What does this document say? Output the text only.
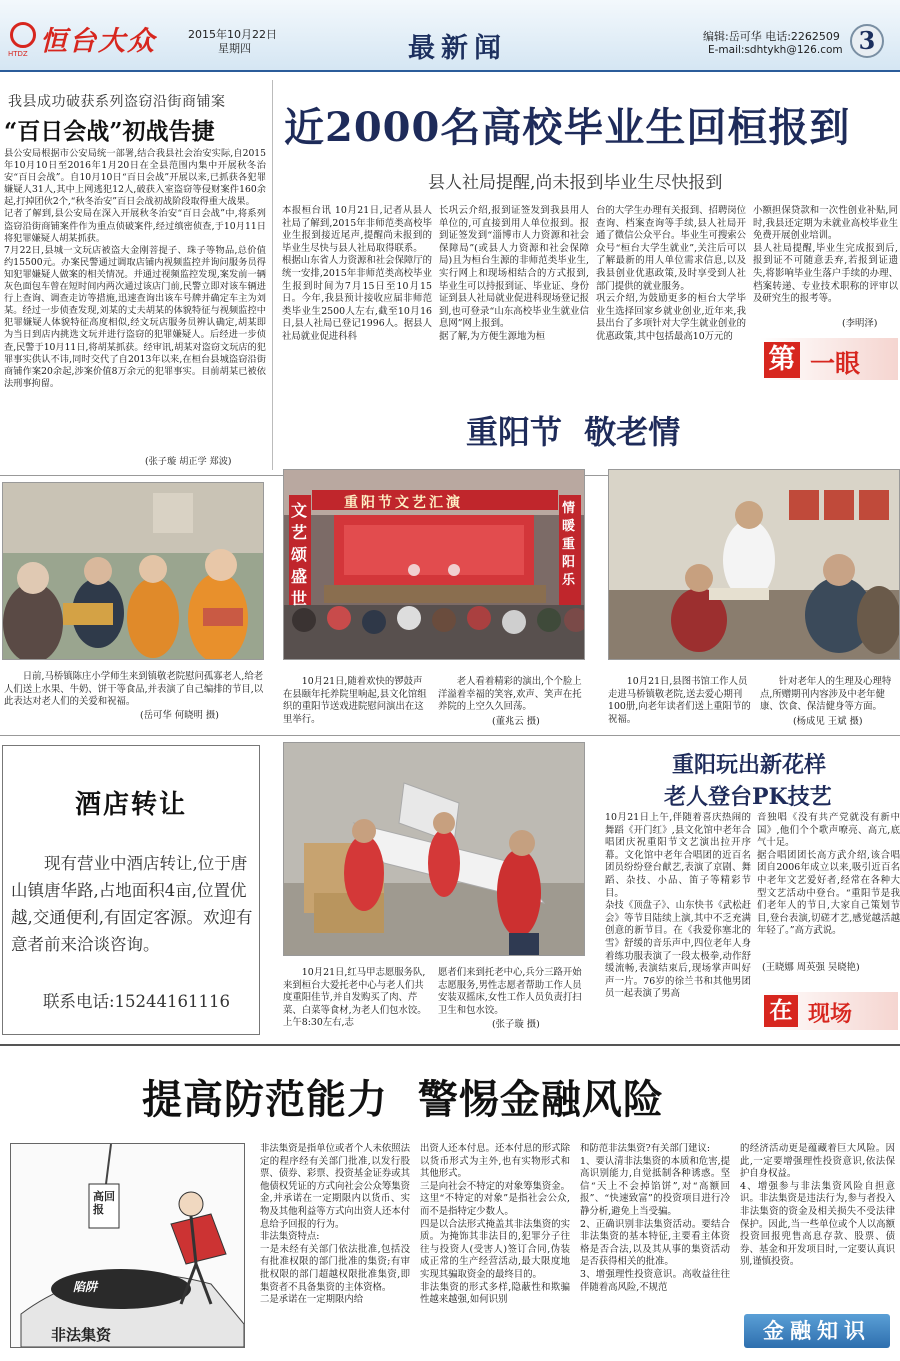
恒台大众
HTDZ
2015年10月22日
星期四	最新闻	编辑:岳可华 电话:2262509
E-mail:sdhtykh@126.com 3
我县成功破获系列盗窃沿街商铺案
“百日会战”初战告捷
县公安局根据市公安局统一部署,结合我县社会治安实际,自2015年10月10日至2016年1月20日在全县范围内集中开展秋冬治安“百日会战”。自10月10日“百日会战”开展以来,已抓获各犯罪嫌疑人31人,其中上网逃犯12人,破获入室盗窃等侵财案件160余起,打掉团伙2个,“秋冬治安”百日会战初战阶段取得重大战果。
记者了解到,县公安局在深入开展秋冬治安“百日会战”中,将系列盗窃沿街商铺案件作为重点侦破案件,经过缜密侦查,于10月11日将犯罪嫌疑人胡某抓获。
7月22日,县城一文玩店被盗大金刚菩提子、珠子等物品,总价值约15500元。办案民警通过调取店铺内视频监控并询问服务员得知犯罪嫌疑人做案的相关情况。并通过视频监控发现,案发前一辆灰色面包车曾在短时间内两次通过该店门前,民警立即对该车辆进行上查询、调查走访等措施,迅速查询出该车号牌并确定车主为刘某。经过一步侦查发现,刘某的丈夫胡某的体貌特征与视频监控中犯罪嫌疑人体貌特征高度相似,经文玩店服务员辨认确定,胡某即为当日到店内挑选文玩并进行盗窃的犯罪嫌疑人。后经进一步侦查,民警于10月11日,将胡某抓获。经审讯,胡某对盗窃文玩店的犯罪事实供认不讳,同时交代了自2013年以来,在桓台县城盗窃沿街商铺作案20余起,涉案价值8万余元的犯罪事实。目前胡某已被依法刑事拘留。
(张子璇 胡正学 郑波)
近2000名高校毕业生回桓报到
县人社局提醒,尚未报到毕业生尽快报到
本报桓台讯 10月21日,记者从县人社局了解到,2015年非师范类高校毕业生报到接近尾声,提醒尚未报到的毕业生尽快与县人社局取得联系。
根据山东省人力资源和社会保障厅的统一安排,2015年非师范类高校毕业生报到时间为7月15日至10月15日。今年,我县预计接收应届非师范类毕业生2500人左右,截至10月16日,县人社局已登记1996人。据县人社局就业促进科科
长巩云介绍,报到证签发到我县用人单位的,可直接到用人单位报到。报到证签发到“淄博市人力资源和社会保障局”(或县人力资源和社会保障局)且为桓台生源的非师范类毕业生,实行网上和现场相结合的方式报到,毕业生可以持报到证、毕业证、身份证到县人社局就业促进科现场登记报到,也可登录“山东高校毕业生就业信息网”网上报到。
据了解,为方便生源地为桓
台的大学生办理有关报到、招聘岗位查询、档案查询等手续,县人社局开通了微信公众平台。毕业生可搜索公众号“桓台大学生就业”,关注后可以了解最新的用人单位需求信息,以及我县创业优惠政策,及时享受到人社部门提供的就业服务。
巩云介绍,为鼓励更多的桓台大学毕业生选择回家乡就业创业,近年来,我县出台了多项针对大学生就业创业的优惠政策,其中包括最高10万元的
小额担保贷款和一次性创业补贴,同时,我县还定期为未就业高校毕业生免费开展创业培训。
县人社局提醒,毕业生完成报到后,报到证不可随意丢弃,若报到证遗失,将影响毕业生落户手续的办理、档案转递、专业技术职称的评审以及研究生的报考等。
(李明泽)
第 一眼
重阳节  敬老情
日前,马桥镇陈庄小学师生来到镇敬老院慰问孤寡老人,给老人们送上水果、牛奶、饼干等食品,并表演了自己编排的节目,以此表达对老人们的关爱和祝福。
(岳可华 何晓明 摄)
重阳节文艺汇演
文艺颂盛世
情暖重阳乐
10月21日,随着欢快的锣鼓声在县颐年托养院里响起,县文化馆组织的重阳节送戏进院慰问演出在这里举行。
老人看着精彩的演出,个个脸上洋溢着幸福的笑容,欢声、笑声在托养院的上空久久回荡。
(董兆云 摄)
10月21日,县图书馆工作人员走进马桥镇敬老院,送去爱心期刊100册,向老年读者们送上重阳节的祝福。
针对老年人的生理及心理特点,所赠期刊内容涉及中老年健康、饮食、保洁健身等方面。
(杨成见 王斌 摄)
酒店转让
现有营业中酒店转让,位于唐山镇唐华路,占地面积4亩,位置优越,交通便利,有固定客源。欢迎有意者前来洽谈咨询。
联系电话:15244161116
10月21日,红马甲志愿服务队,来到桓台大爱托老中心与老人们共度重阳佳节,并自发购买了肉、芹菜、白菜等食材,为老人们包水饺。上午8:30左右,志
愿者们来到托老中心,兵分三路开始志愿服务,男性志愿者帮助工作人员安装双摇床,女性工作人员负责打扫卫生和包水饺。
(张子璇 摄)
重阳玩出新花样
老人登台PK技艺
10月21日上午,伴随着喜庆热闹的舞蹈《开门红》,县文化馆中老年合唱团庆祝重阳节文艺演出拉开序幕。文化馆中老年合唱团的近百名团员纷纷登台献艺,表演了京剧、舞蹈、杂技、小品、笛子等精彩节目。
杂技《顶盘子》、山东快书《武松赶会》等节目陆续上演,其中不乏充满创意的新节目。在《我爱你塞北的雪》舒缓的音乐声中,四位老年人身着练功服表演了一段太极拳,动作舒缓流畅,表演结束后,现场掌声叫好声一片。76岁的徐兰书和其他男团员一起表演了男高
音独唱《没有共产党就没有新中国》,他们个个歌声嘹亮、高亢,底气十足。
据合唱团团长高方武介绍,该合唱团自2006年成立以来,吸引近百名中老年文艺爱好者,经常在各种大型文艺活动中登台。“重阳节是我们老年人的节日,大家自己策划节目,登台表演,切磋才艺,感觉越活越年轻了。”高方武说。
(王晓娜 周英强 吴晓艳)
在 现场
提高防范能力  警惕金融风险
高回报
陷阱
非法集资
非法集资是指单位或者个人未依照法定的程序经有关部门批准,以发行股票、债券、彩票、投资基金证券或其他债权凭证的方式向社会公众筹集资金,并承诺在一定期限内以货币、实物及其他利益等方式向出资人还本付息给予回报的行为。
非法集资特点:
一是未经有关部门依法批准,包括没有批准权限的部门批准的集资;有审批权限的部门超越权限批准集资,即集资者不具备集资的主体资格。
二是承诺在一定期限内给
出资人还本付息。还本付息的形式除以货币形式为主外,也有实物形式和其他形式。
三是向社会不特定的对象筹集资金。这里“不特定的对象”是指社会公众,而不是指特定少数人。
四是以合法形式掩盖其非法集资的实质。为掩饰其非法目的,犯罪分子往往与投资人(受害人)签订合同,伪装成正常的生产经营活动,最大限度地实现其骗取资金的最终目的。
非法集资的形式多样,隐蔽性和欺骗性越来越强,如何识别
和防范非法集资?有关部门建议:
1、要认清非法集资的本质和危害,提高识别能力,自觉抵制各种诱惑。坚信“天上不会掉馅饼”,对“高额回报”、“快速致富”的投资项目进行冷静分析,避免上当受骗。
2、正确识别非法集资活动。要结合非法集资的基本特征,主要看主体资格是否合法,以及其从事的集资活动是否获得相关的批准。
3、增强理性投资意识。高收益往往伴随着高风险,不规范
的经济活动更是蕴藏着巨大风险。因此,一定要增强理性投资意识,依法保护自身权益。
4、增强参与非法集资风险自担意识。非法集资是违法行为,参与者投入非法集资的资金及相关损失不受法律保护。因此,当一些单位或个人以高额投资回报兜售高息存款、股票、债券、基金和开发项目时,一定要认真识别,谨慎投资。
金融知识
